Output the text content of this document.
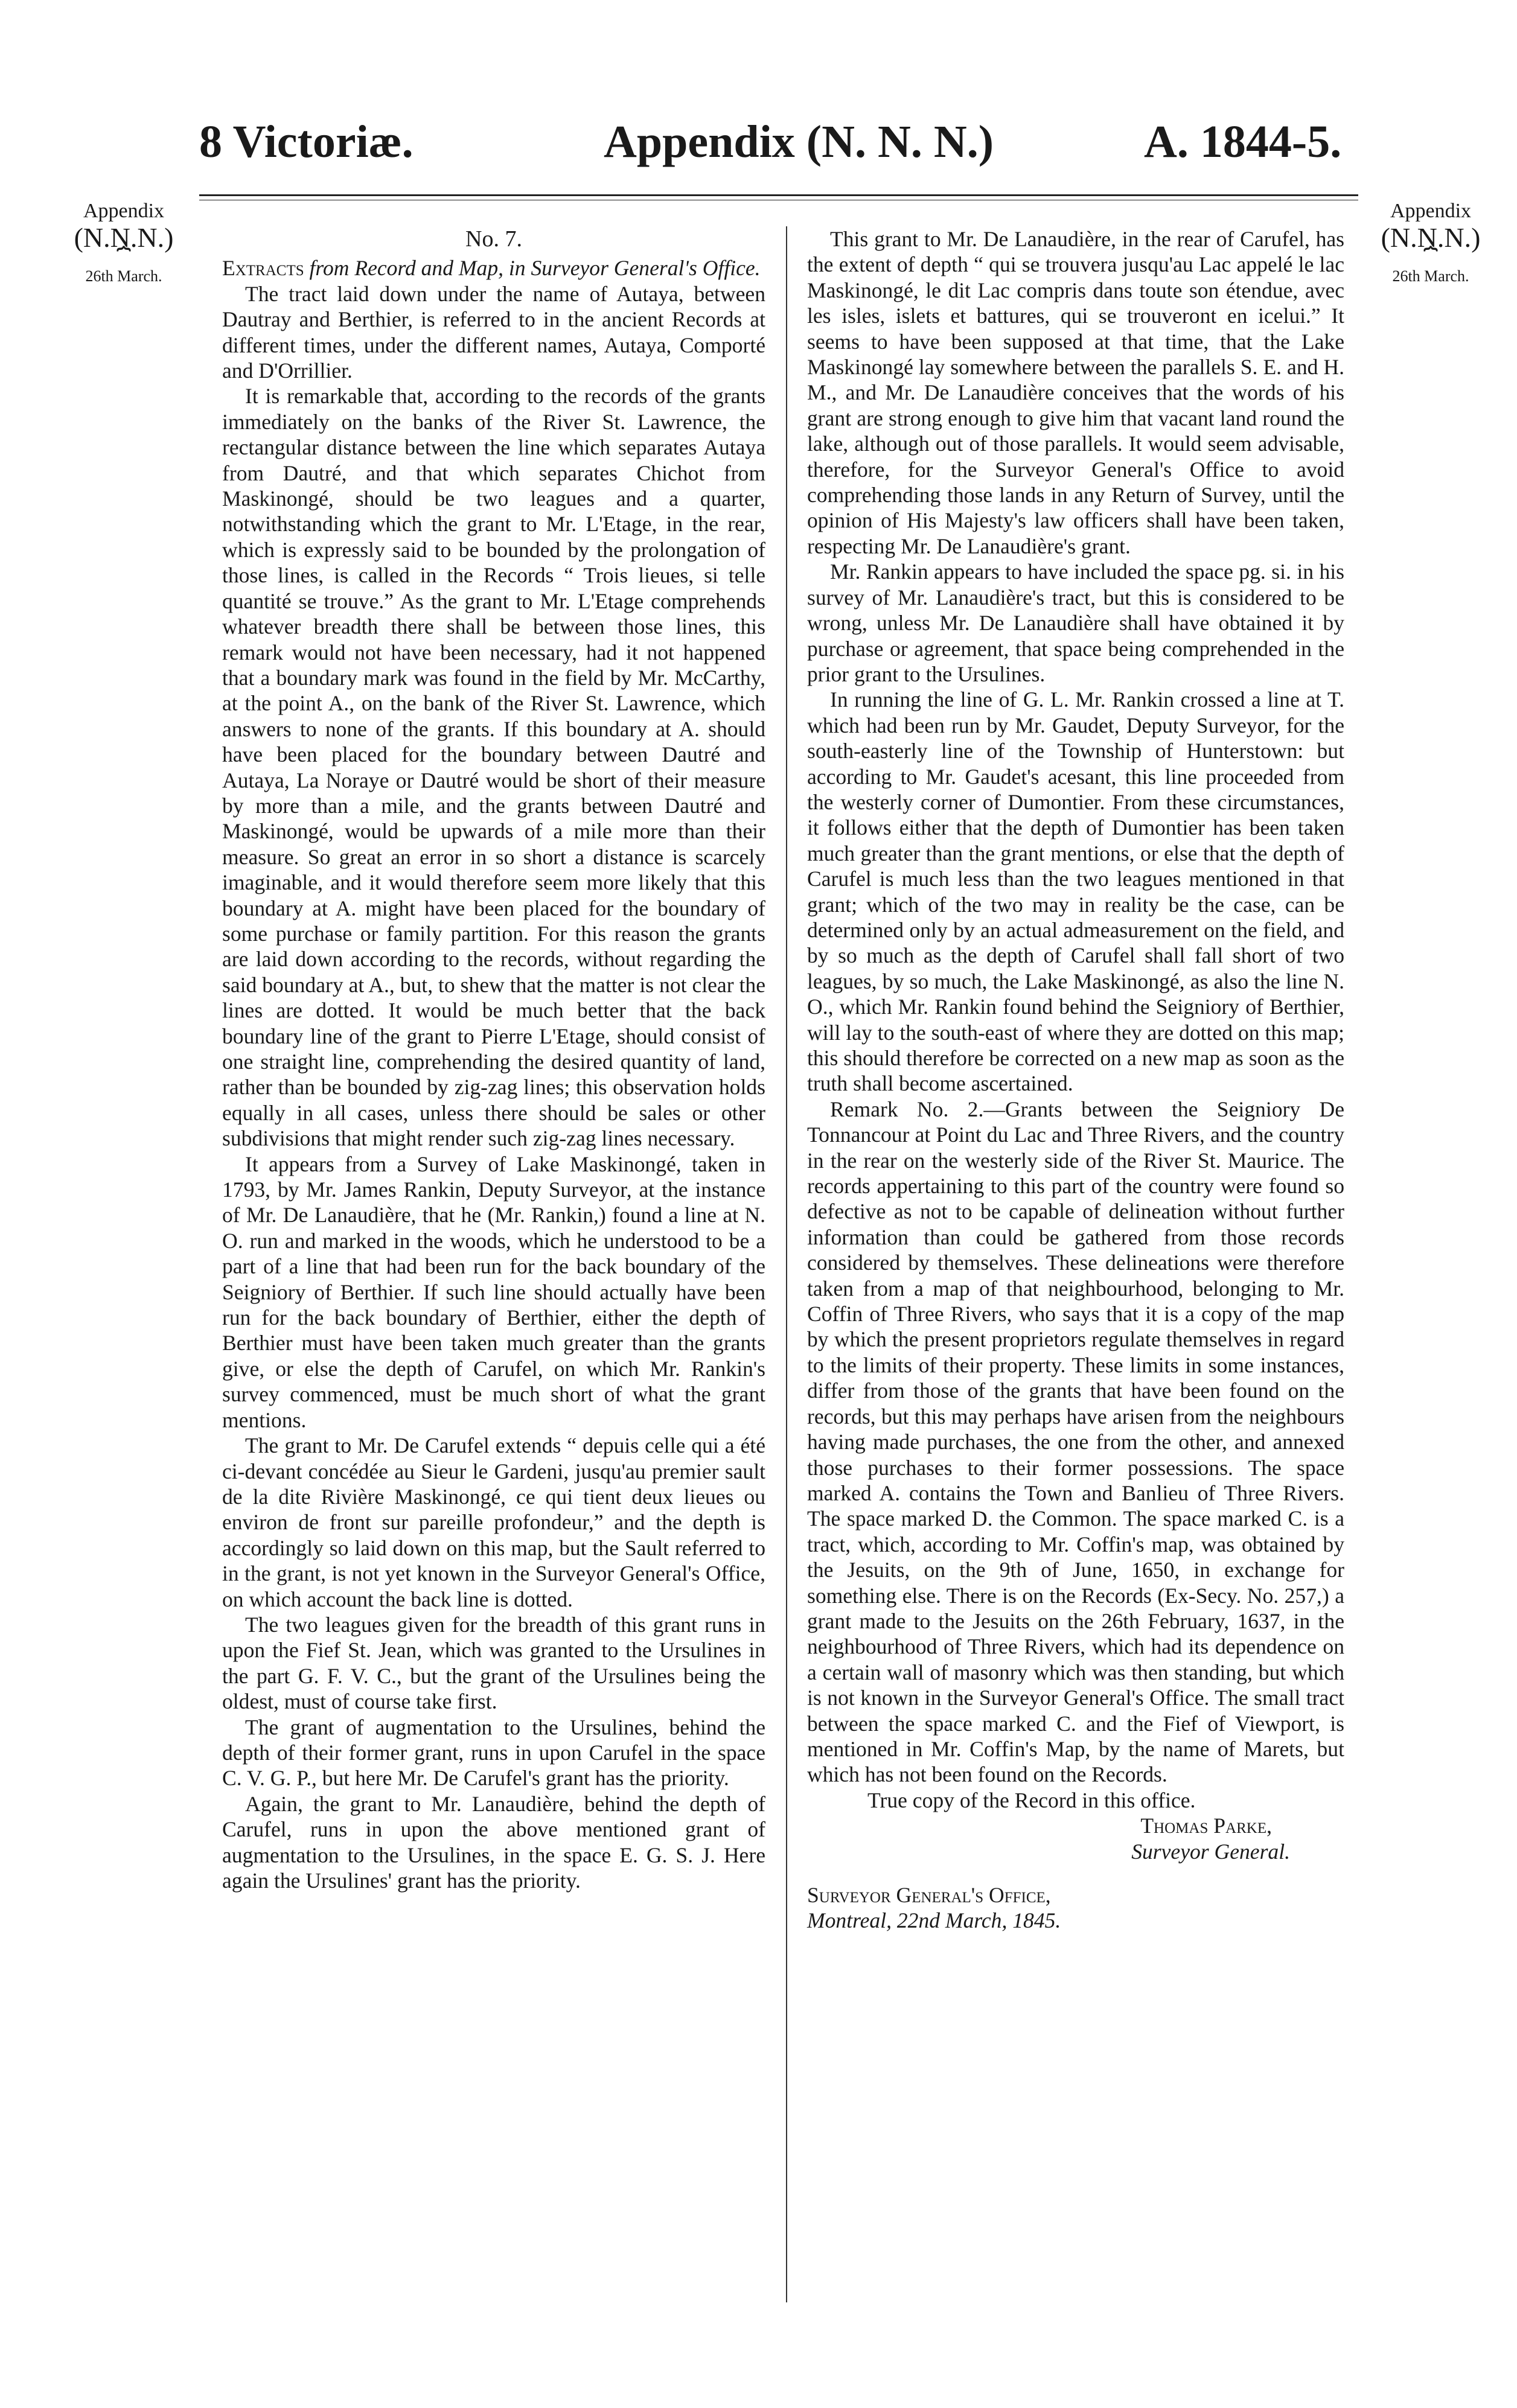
8 Victoriæ.	Appendix (N. N. N.)	A. 1844-5.
Appendix
(N.N.N.)
⏞
26th March.
Appendix
(N.N.N.)
⏞
26th March.

No. 7.

Extracts from Record and Map, in Surveyor General's Office.

The tract laid down under the name of Autaya, between Dautray and Berthier, is referred to in the ancient Records at different times, under the different names, Autaya, Comporté and D'Orrillier.

It is remarkable that, according to the records of the grants immediately on the banks of the River St. Lawrence, the rectangular distance between the line which separates Autaya from Dautré, and that which separates Chichot from Maskinongé, should be two leagues and a quarter, notwithstanding which the grant to Mr. L'Etage, in the rear, which is expressly said to be bounded by the prolongation of those lines, is called in the Records “ Trois lieues, si telle quantité se trouve.” As the grant to Mr. L'Etage comprehends whatever breadth there shall be between those lines, this remark would not have been necessary, had it not happened that a boundary mark was found in the field by Mr. McCarthy, at the point A., on the bank of the River St. Lawrence, which answers to none of the grants. If this boundary at A. should have been placed for the boundary between Dautré and Autaya, La Noraye or Dautré would be short of their measure by more than a mile, and the grants between Dautré and Maskinongé, would be upwards of a mile more than their measure. So great an error in so short a distance is scarcely imaginable, and it would therefore seem more likely that this boundary at A. might have been placed for the boundary of some purchase or family partition. For this reason the grants are laid down according to the records, without regarding the said boundary at A., but, to shew that the matter is not clear the lines are dotted. It would be much better that the back boundary line of the grant to Pierre L'Etage, should consist of one straight line, comprehending the desired quantity of land, rather than be bounded by zig-zag lines; this observation holds equally in all cases, unless there should be sales or other subdivisions that might render such zig-zag lines necessary.

It appears from a Survey of Lake Maskinongé, taken in 1793, by Mr. James Rankin, Deputy Surveyor, at the instance of Mr. De Lanaudière, that he (Mr. Rankin,) found a line at N. O. run and marked in the woods, which he understood to be a part of a line that had been run for the back boundary of the Seigniory of Berthier. If such line should actually have been run for the back boundary of Berthier, either the depth of Berthier must have been taken much greater than the grants give, or else the depth of Carufel, on which Mr. Rankin's survey commenced, must be much short of what the grant mentions.

The grant to Mr. De Carufel extends “ depuis celle qui a été ci-devant concédée au Sieur le Gardeni, jusqu'au premier sault de la dite Rivière Maskinongé, ce qui tient deux lieues ou environ de front sur pareille profondeur,” and the depth is accordingly so laid down on this map, but the Sault referred to in the grant, is not yet known in the Surveyor General's Office, on which account the back line is dotted.

The two leagues given for the breadth of this grant runs in upon the Fief St. Jean, which was granted to the Ursulines in the part G. F. V. C., but the grant of the Ursulines being the oldest, must of course take first.

The grant of augmentation to the Ursulines, behind the depth of their former grant, runs in upon Carufel in the space C. V. G. P., but here Mr. De Carufel's grant has the priority.

Again, the grant to Mr. Lanaudière, behind the depth of Carufel, runs in upon the above mentioned grant of augmentation to the Ursulines, in the space E. G. S. J. Here again the Ursulines' grant has the priority.

This grant to Mr. De Lanaudière, in the rear of Carufel, has the extent of depth “ qui se trouvera jusqu'au Lac appelé le lac Maskinongé, le dit Lac compris dans toute son étendue, avec les isles, islets et battures, qui se trouveront en icelui.” It seems to have been supposed at that time, that the Lake Maskinongé lay somewhere between the parallels S. E. and H. M., and Mr. De Lanaudière conceives that the words of his grant are strong enough to give him that vacant land round the lake, although out of those parallels. It would seem advisable, therefore, for the Surveyor General's Office to avoid comprehending those lands in any Return of Survey, until the opinion of His Majesty's law officers shall have been taken, respecting Mr. De Lanaudière's grant.

Mr. Rankin appears to have included the space pg. si. in his survey of Mr. Lanaudière's tract, but this is considered to be wrong, unless Mr. De Lanaudière shall have obtained it by purchase or agreement, that space being comprehended in the prior grant to the Ursulines.

In running the line of G. L. Mr. Rankin crossed a line at T. which had been run by Mr. Gaudet, Deputy Surveyor, for the south-easterly line of the Township of Hunterstown: but according to Mr. Gaudet's acesant, this line proceeded from the westerly corner of Dumontier. From these circumstances, it follows either that the depth of Dumontier has been taken much greater than the grant mentions, or else that the depth of Carufel is much less than the two leagues mentioned in that grant; which of the two may in reality be the case, can be determined only by an actual admeasurement on the field, and by so much as the depth of Carufel shall fall short of two leagues, by so much, the Lake Maskinongé, as also the line N. O., which Mr. Rankin found behind the Seigniory of Berthier, will lay to the south-east of where they are dotted on this map; this should therefore be corrected on a new map as soon as the truth shall become ascertained.

Remark No. 2.—Grants between the Seigniory De Tonnancour at Point du Lac and Three Rivers, and the country in the rear on the westerly side of the River St. Maurice. The records appertaining to this part of the country were found so defective as not to be capable of delineation without further information than could be gathered from those records considered by themselves. These delineations were therefore taken from a map of that neighbourhood, belonging to Mr. Coffin of Three Rivers, who says that it is a copy of the map by which the present proprietors regulate themselves in regard to the limits of their property. These limits in some instances, differ from those of the grants that have been found on the records, but this may perhaps have arisen from the neighbours having made purchases, the one from the other, and annexed those purchases to their former possessions. The space marked A. contains the Town and Banlieu of Three Rivers. The space marked D. the Common. The space marked C. is a tract, which, according to Mr. Coffin's map, was obtained by the Jesuits, on the 9th of June, 1650, in exchange for something else. There is on the Records (Ex-Secy. No. 257,) a grant made to the Jesuits on the 26th February, 1637, in the neighbourhood of Three Rivers, which had its dependence on a certain wall of masonry which was then standing, but which is not known in the Surveyor General's Office. The small tract between the space marked C. and the Fief of Viewport, is mentioned in Mr. Coffin's Map, by the name of Marets, but which has not been found on the Records.

True copy of the Record in this office.

Thomas Parke,

Surveyor General.

Surveyor General's Office,

Montreal, 22nd March, 1845.
